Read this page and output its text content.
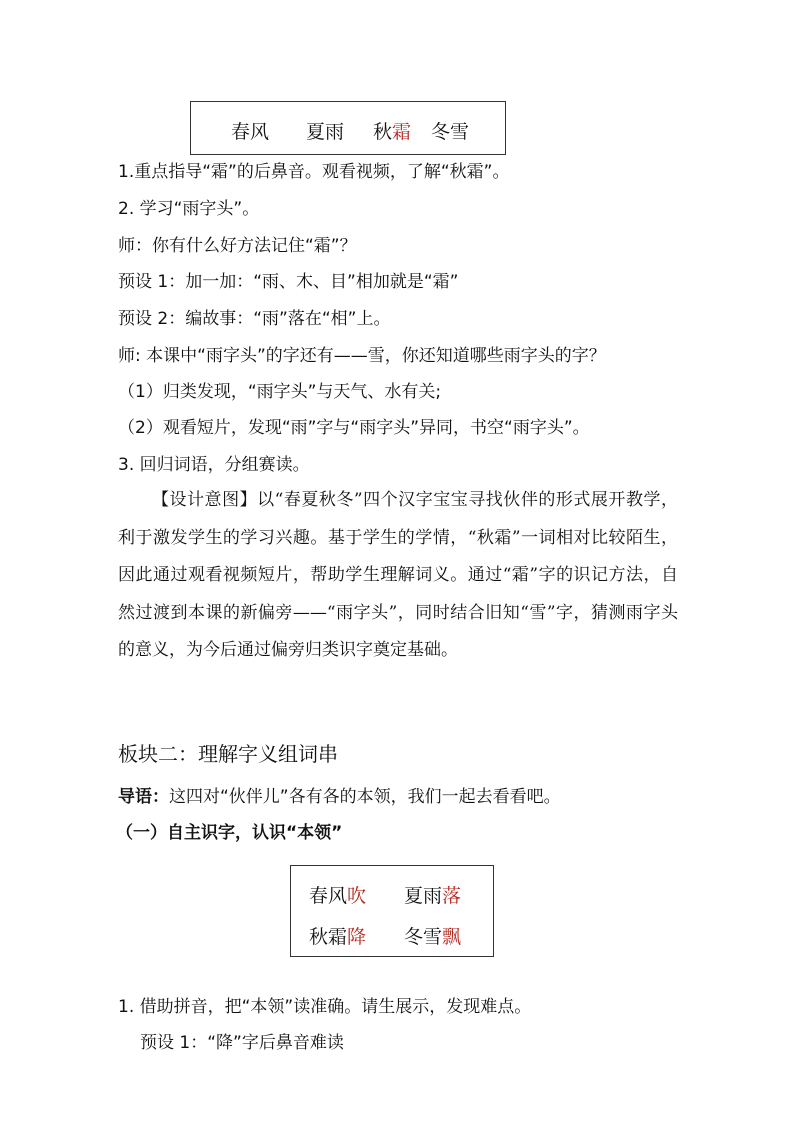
春风 夏雨 秋霜 冬雪
1.重点指导“霜”的后鼻音。观看视频，了解“秋霜”。
2. 学习“雨字头”。
师：你有什么好方法记住“霜”？
预设 1：加一加：“雨、木、目”相加就是“霜”
预设 2：编故事：“雨”落在“相”上。
师: 本课中“雨字头”的字还有——雪，你还知道哪些雨字头的字？
（1）归类发现，“雨字头”与天气、水有关;
（2）观看短片，发现“雨”字与“雨字头”异同，书空“雨字头”。
3. 回归词语，分组赛读。

【设计意图】以“春夏秋冬”四个汉字宝宝寻找伙伴的形式展开教学，利于激发学生的学习兴趣。基于学生的学情，“秋霜”一词相对比较陌生，因此通过观看视频短片，帮助学生理解词义。通过“霜”字的识记方法，自然过渡到本课的新偏旁——“雨字头”，同时结合旧知“雪”字，猜测雨字头的意义，为今后通过偏旁归类识字奠定基础。

板块二：理解字义组词串
导语：这四对“伙伴儿”各有各的本领，我们一起去看看吧。
（一）自主识字，认识“本领”
春风吹 夏雨落
秋霜降 冬雪飘
1. 借助拼音，把“本领”读准确。请生展示，发现难点。
预设 1：“降”字后鼻音难读
